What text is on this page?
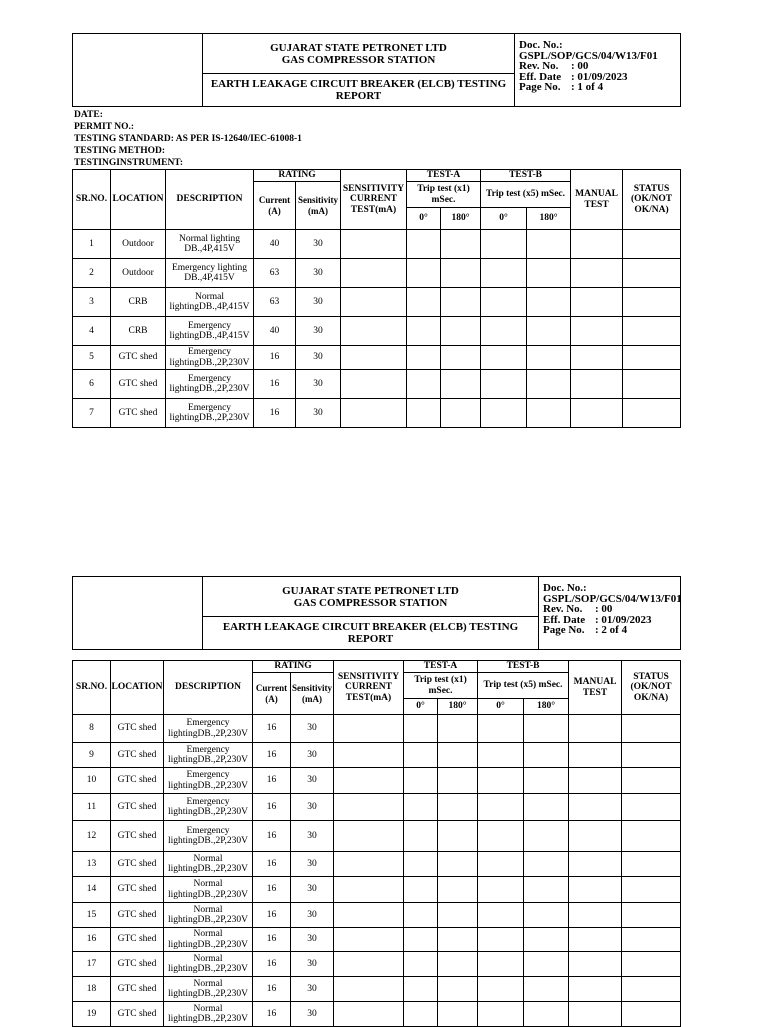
GUJARAT STATE PETRONET LTD
GAS COMPRESSOR STATION

Doc. No.:
GSPL/SOP/GCS/04/W13/F01
Rev. No.	: 00
Eff. Date : 01/09/2023
Page No. : 1 of 4

EARTH LEAKAGE CIRCUIT BREAKER (ELCB) TESTING REPORT
DATE:
PERMIT NO.:
TESTING STANDARD: AS PER IS-12640/IEC-61008-1
TESTING METHOD:
TESTINGINSTRUMENT:
SR.NO.	LOCATION	DESCRIPTION	RATING		SENSITIVITY CURRENT TEST(mA)	TEST-A		TEST-B		MANUAL TEST	STATUS (OK/NOT OK/NA)
			Current (A)	Sensitivity (mA)		Trip test (x1) mSec.		Trip test (x5) mSec.			
						0°	180°	0°	180°		
1	Outdoor	Normal lighting DB.,4P,415V	40	30							
2	Outdoor	Emergency lighting DB.,4P,415V	63	30							
3	CRB	Normal lightingDB.,4P,415V	63	30							
4	CRB	Emergency lightingDB.,4P,415V	40	30							
5	GTC shed	Emergency lightingDB.,2P,230V	16	30							
6	GTC shed	Emergency lightingDB.,2P,230V	16	30							
7	GTC shed	Emergency lightingDB.,2P,230V	16	30							

GUJARAT STATE PETRONET LTD
GAS COMPRESSOR STATION

Doc. No.:
GSPL/SOP/GCS/04/W13/F01
Rev. No.	: 00
Eff. Date : 01/09/2023
Page No. : 2 of 4

EARTH LEAKAGE CIRCUIT BREAKER (ELCB) TESTING REPORT
SR.NO.	LOCATION	DESCRIPTION	RATING		SENSITIVITY CURRENT TEST(mA)	TEST-A		TEST-B		MANUAL TEST	STATUS (OK/NOT OK/NA)
			Current (A)	Sensitivity (mA)		Trip test (x1) mSec.		Trip test (x5) mSec.			
						0°	180°	0°	180°		
8	GTC shed	Emergency lightingDB.,2P,230V	16	30							
9	GTC shed	Emergency lightingDB.,2P,230V	16	30							
10	GTC shed	Emergency lightingDB.,2P,230V	16	30							
11	GTC shed	Emergency lightingDB.,2P,230V	16	30							
12	GTC shed	Emergency lightingDB.,2P,230V	16	30							
13	GTC shed	Normal lightingDB.,2P,230V	16	30							
14	GTC shed	Normal lightingDB.,2P,230V	16	30							
15	GTC shed	Normal lightingDB.,2P,230V	16	30							
16	GTC shed	Normal lightingDB.,2P,230V	16	30							
17	GTC shed	Normal lightingDB.,2P,230V	16	30							
18	GTC shed	Normal lightingDB.,2P,230V	16	30							
19	GTC shed	Normal lightingDB.,2P,230V	16	30							
